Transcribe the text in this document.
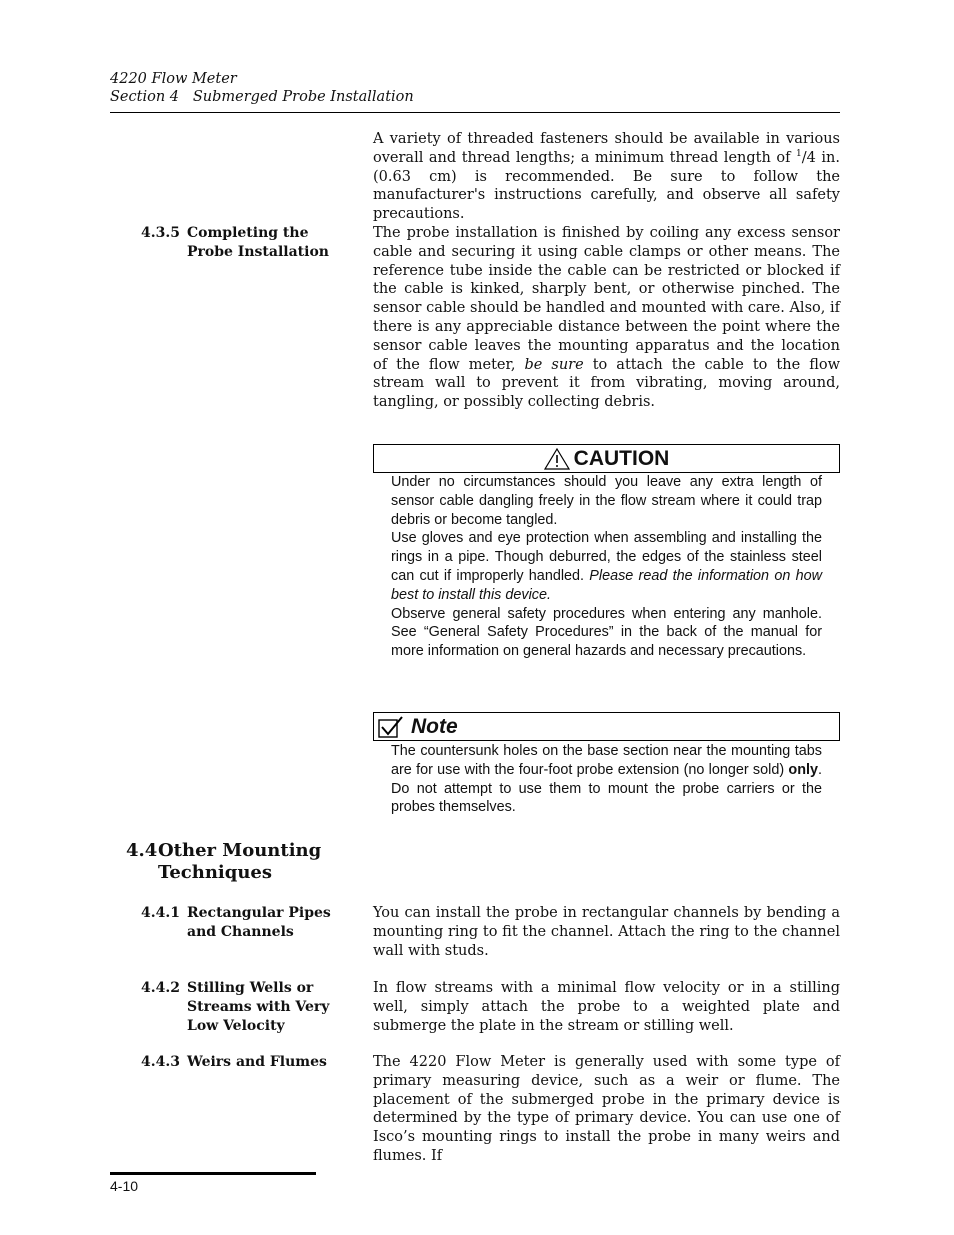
4220 Flow Meter
Section 4   Submerged Probe Installation
A variety of threaded fasteners should be available in various overall and thread lengths; a minimum thread length of $^1$/4 in. (0.63 cm) is recommended. Be sure to follow the manufacturer's instructions carefully, and observe all safety precautions.
4.3.5 Completing the Probe Installation
The probe installation is finished by coiling any excess sensor cable and securing it using cable clamps or other means. The reference tube inside the cable can be restricted or blocked if the cable is kinked, sharply bent, or otherwise pinched. The sensor cable should be handled and mounted with care. Also, if there is any appreciable distance between the point where the sensor cable leaves the mounting apparatus and the location of the flow meter, be sure to attach the cable to the flow stream wall to prevent it from vibrating, moving around, tangling, or possibly collecting debris.
CAUTION

Under no circumstances should you leave any extra length of sensor cable dangling freely in the flow stream where it could trap debris or become tangled.

Use gloves and eye protection when assembling and installing the rings in a pipe. Though deburred, the edges of the stainless steel can cut if improperly handled. Please read the information on how best to install this device.

Observe general safety procedures when entering any manhole. See “General Safety Procedures” in the back of the manual for more information on general hazards and necessary precautions.

Note
The countersunk holes on the base section near the mounting tabs are for use with the four-foot probe extension (no longer sold) only. Do not attempt to use them to mount the probe carriers or the probes themselves.
4.4Other Mounting Techniques
4.4.1 Rectangular Pipes and Channels
You can install the probe in rectangular channels by bending a mounting ring to fit the channel. Attach the ring to the channel wall with studs.
4.4.2 Stilling Wells or Streams with Very Low Velocity
In flow streams with a minimal flow velocity or in a stilling well, simply attach the probe to a weighted plate and submerge the plate in the stream or stilling well.
4.4.3 Weirs and Flumes	The 4220 Flow Meter is generally used with some type of primary measuring device, such as a weir or flume. The placement of the submerged probe in the primary device is determined by the type of primary device. You can use one of Isco’s mounting rings to install the probe in many weirs and flumes. If
4-10
